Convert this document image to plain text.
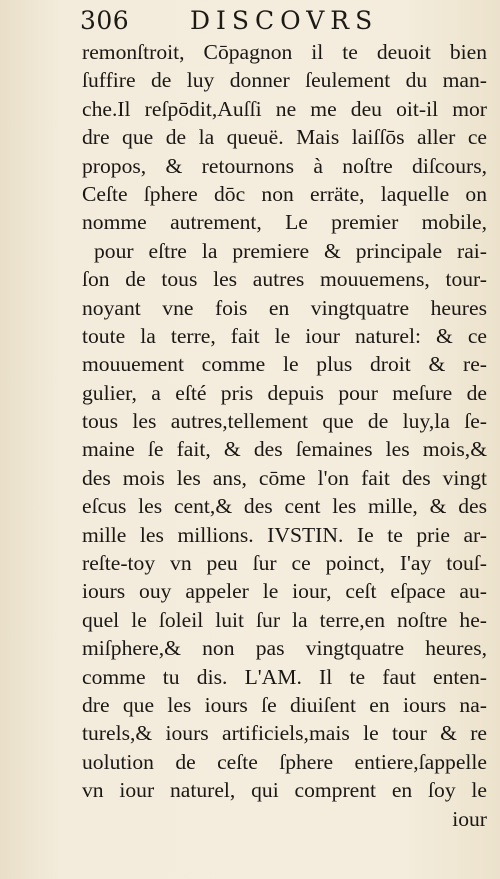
306 DISCOVRS
remonſtroit, Cōpagnon il te deuoit bien
ſuffire de luy donner ſeulement du man-
che.Il reſpōdit,Auſſi ne me deu oit-il mor
dre que de la queuë. Mais laiſſōs aller ce
propos, & retournons à noſtre diſcours,
Ceſte ſphere dōc non erräte, laquelle on
nomme autrement, Le premier mobile,
pour eſtre la premiere & principale rai-
ſon de tous les autres mouuemens, tour-
noyant vne fois en vingtquatre heures
toute la terre, fait le iour naturel: & ce
mouuement comme le plus droit & re-
gulier, a eſté pris depuis pour meſure de
tous les autres,tellement que de luy,la ſe-
maine ſe fait, & des ſemaines les mois,&
des mois les ans, cōme l'on fait des vingt
eſcus les cent,& des cent les mille, & des
mille les millions. IVSTIN. Ie te prie ar-
reſte-toy vn peu ſur ce poinct, I'ay touſ-
iours ouy appeler le iour, ceſt eſpace au-
quel le ſoleil luit ſur la terre,en noſtre he-
miſphere,& non pas vingtquatre heures,
comme tu dis. L'AM. Il te faut enten-
dre que les iours ſe diuiſent en iours na-
turels,& iours artificiels,mais le tour & re
uolution de ceſte ſphere entiere,ſappelle
vn iour naturel, qui comprent en ſoy le
iour
